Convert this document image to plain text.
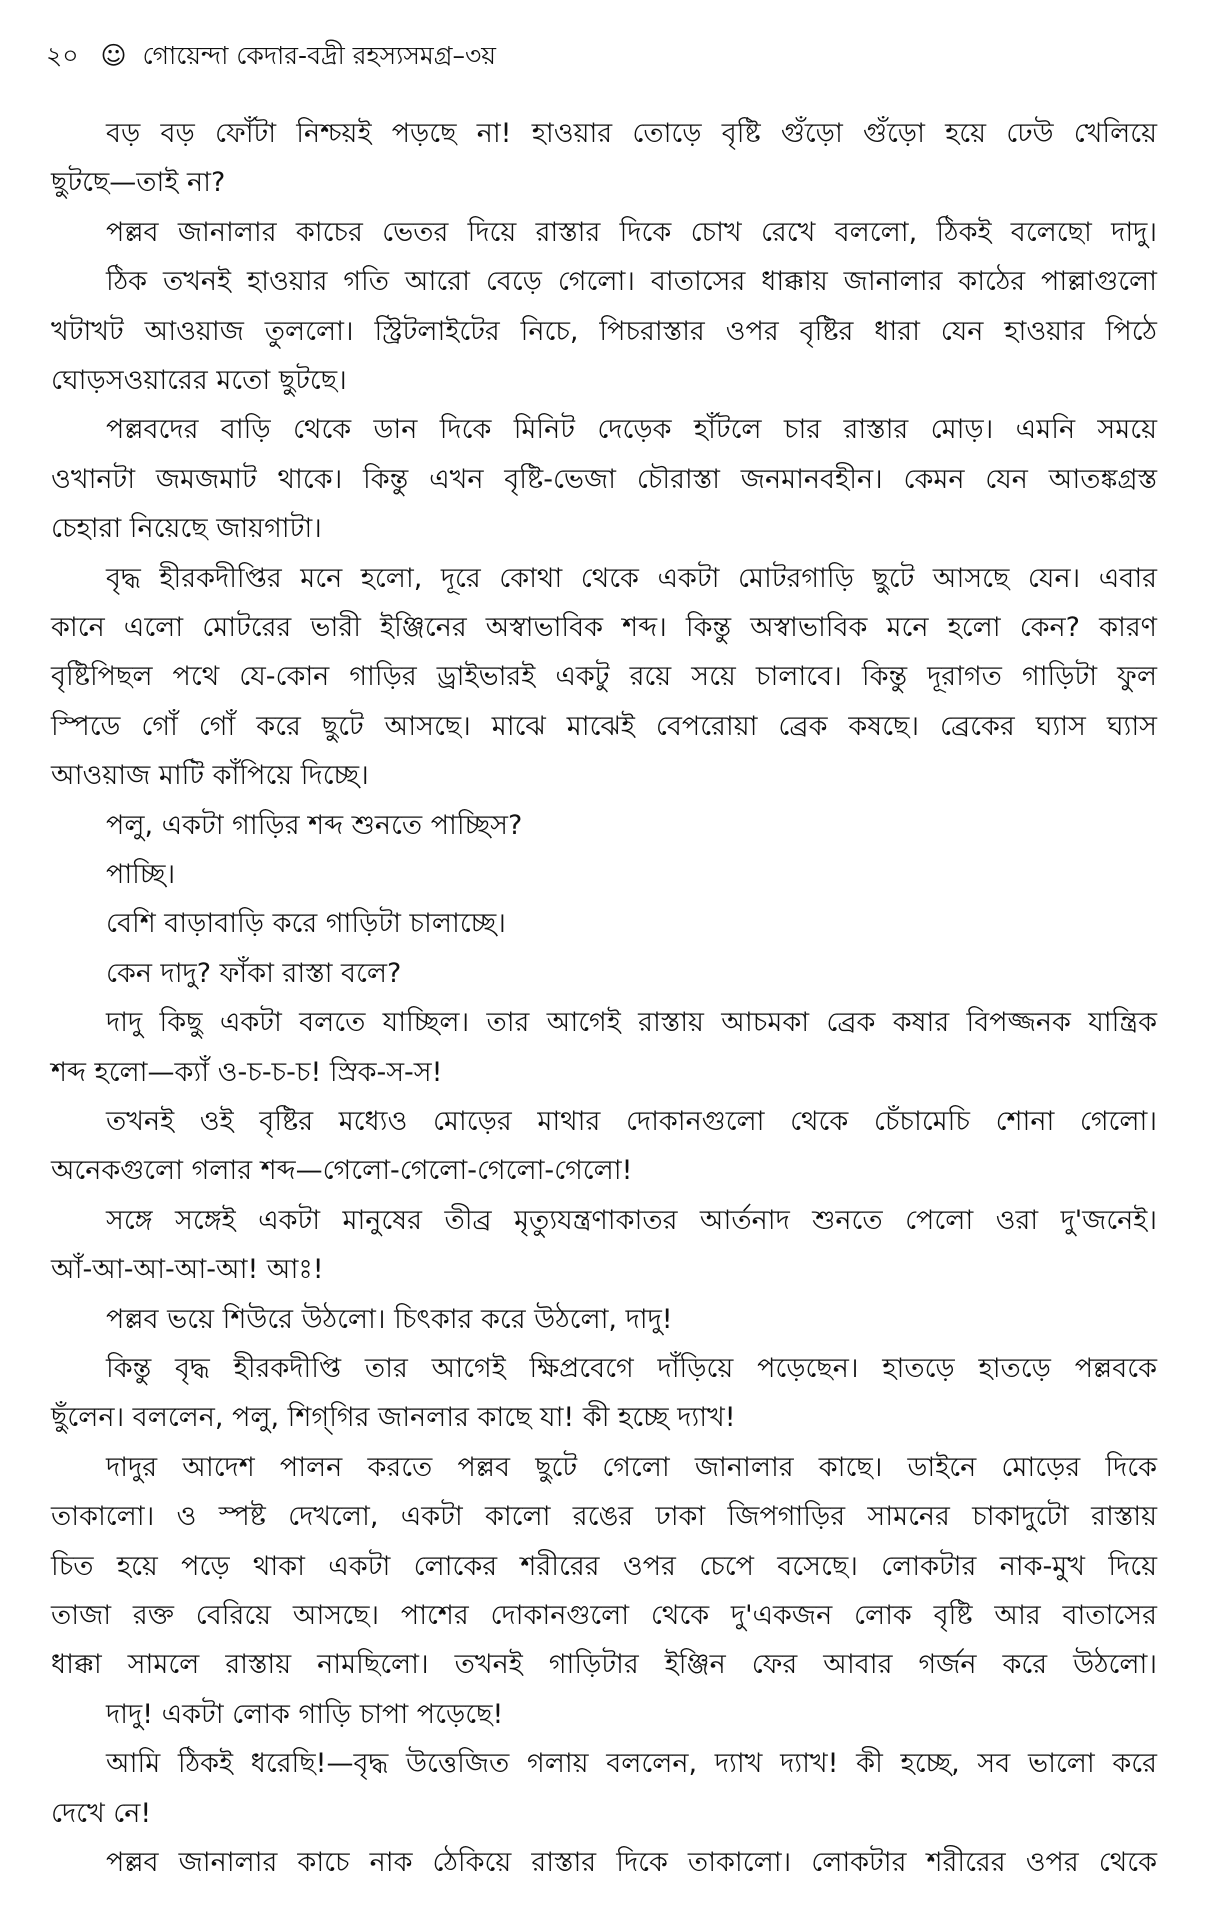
২০ ☺ গোয়েন্দা কেদার-বদ্রী রহস্যসমগ্র–৩য়
বড় বড় ফোঁটা নিশ্চয়ই পড়ছে না! হাওয়ার তোড়ে বৃষ্টি গুঁড়ো গুঁড়ো হয়ে ঢেউ খেলিয়ে
ছুটছে—তাই না?
পল্লব জানালার কাচের ভেতর দিয়ে রাস্তার দিকে চোখ রেখে বললো, ঠিকই বলেছো দাদু।
ঠিক তখনই হাওয়ার গতি আরো বেড়ে গেলো। বাতাসের ধাক্কায় জানালার কাঠের পাল্লাগুলো
খটাখট আওয়াজ তুললো। স্ট্রিটলাইটের নিচে, পিচরাস্তার ওপর বৃষ্টির ধারা যেন হাওয়ার পিঠে
ঘোড়সওয়ারের মতো ছুটছে।
পল্লবদের বাড়ি থেকে ডান দিকে মিনিট দেড়েক হাঁটলে চার রাস্তার মোড়। এমনি সময়ে
ওখানটা জমজমাট থাকে। কিন্তু এখন বৃষ্টি-ভেজা চৌরাস্তা জনমানবহীন। কেমন যেন আতঙ্কগ্রস্ত
চেহারা নিয়েছে জায়গাটা।
বৃদ্ধ হীরকদীপ্তির মনে হলো, দূরে কোথা থেকে একটা মোটরগাড়ি ছুটে আসছে যেন। এবার
কানে এলো মোটরের ভারী ইঞ্জিনের অস্বাভাবিক শব্দ। কিন্তু অস্বাভাবিক মনে হলো কেন? কারণ
বৃষ্টিপিছল পথে যে-কোন গাড়ির ড্রাইভারই একটু রয়ে সয়ে চালাবে। কিন্তু দূরাগত গাড়িটা ফুল
স্পিডে গোঁ গোঁ করে ছুটে আসছে। মাঝে মাঝেই বেপরোয়া ব্রেক কষছে। ব্রেকের ঘ্যাস ঘ্যাস
আওয়াজ মাটি কাঁপিয়ে দিচ্ছে।
পলু, একটা গাড়ির শব্দ শুনতে পাচ্ছিস?
পাচ্ছি।
বেশি বাড়াবাড়ি করে গাড়িটা চালাচ্ছে।
কেন দাদু? ফাঁকা রাস্তা বলে?
দাদু কিছু একটা বলতে যাচ্ছিল। তার আগেই রাস্তায় আচমকা ব্রেক কষার বিপজ্জনক যান্ত্রিক
শব্দ হলো—ক্যাঁ ও-চ-চ-চ! স্রিক-স-স!
তখনই ওই বৃষ্টির মধ্যেও মোড়ের মাথার দোকানগুলো থেকে চেঁচামেচি শোনা গেলো।
অনেকগুলো গলার শব্দ—গেলো-গেলো-গেলো-গেলো!
সঙ্গে সঙ্গেই একটা মানুষের তীব্র মৃত্যুযন্ত্রণাকাতর আর্তনাদ শুনতে পেলো ওরা দু'জনেই।
আঁ-আ-আ-আ-আ! আঃ!
পল্লব ভয়ে শিউরে উঠলো। চিৎকার করে উঠলো, দাদু!
কিন্তু বৃদ্ধ হীরকদীপ্তি তার আগেই ক্ষিপ্রবেগে দাঁড়িয়ে পড়েছেন। হাতড়ে হাতড়ে পল্লবকে
ছুঁলেন। বললেন, পলু, শিগ্‌গির জানলার কাছে যা! কী হচ্ছে দ্যাখ!
দাদুর আদেশ পালন করতে পল্লব ছুটে গেলো জানালার কাছে। ডাইনে মোড়ের দিকে
তাকালো। ও স্পষ্ট দেখলো, একটা কালো রঙের ঢাকা জিপগাড়ির সামনের চাকাদুটো রাস্তায়
চিত হয়ে পড়ে থাকা একটা লোকের শরীরের ওপর চেপে বসেছে। লোকটার নাক-মুখ দিয়ে
তাজা রক্ত বেরিয়ে আসছে। পাশের দোকানগুলো থেকে দু'একজন লোক বৃষ্টি আর বাতাসের
ধাক্কা সামলে রাস্তায় নামছিলো। তখনই গাড়িটার ইঞ্জিন ফের আবার গর্জন করে উঠলো।
দাদু! একটা লোক গাড়ি চাপা পড়েছে!
আমি ঠিকই ধরেছি!—বৃদ্ধ উত্তেজিত গলায় বললেন, দ্যাখ দ্যাখ! কী হচ্ছে, সব ভালো করে
দেখে নে!
পল্লব জানালার কাচে নাক ঠেকিয়ে রাস্তার দিকে তাকালো। লোকটার শরীরের ওপর থেকে
